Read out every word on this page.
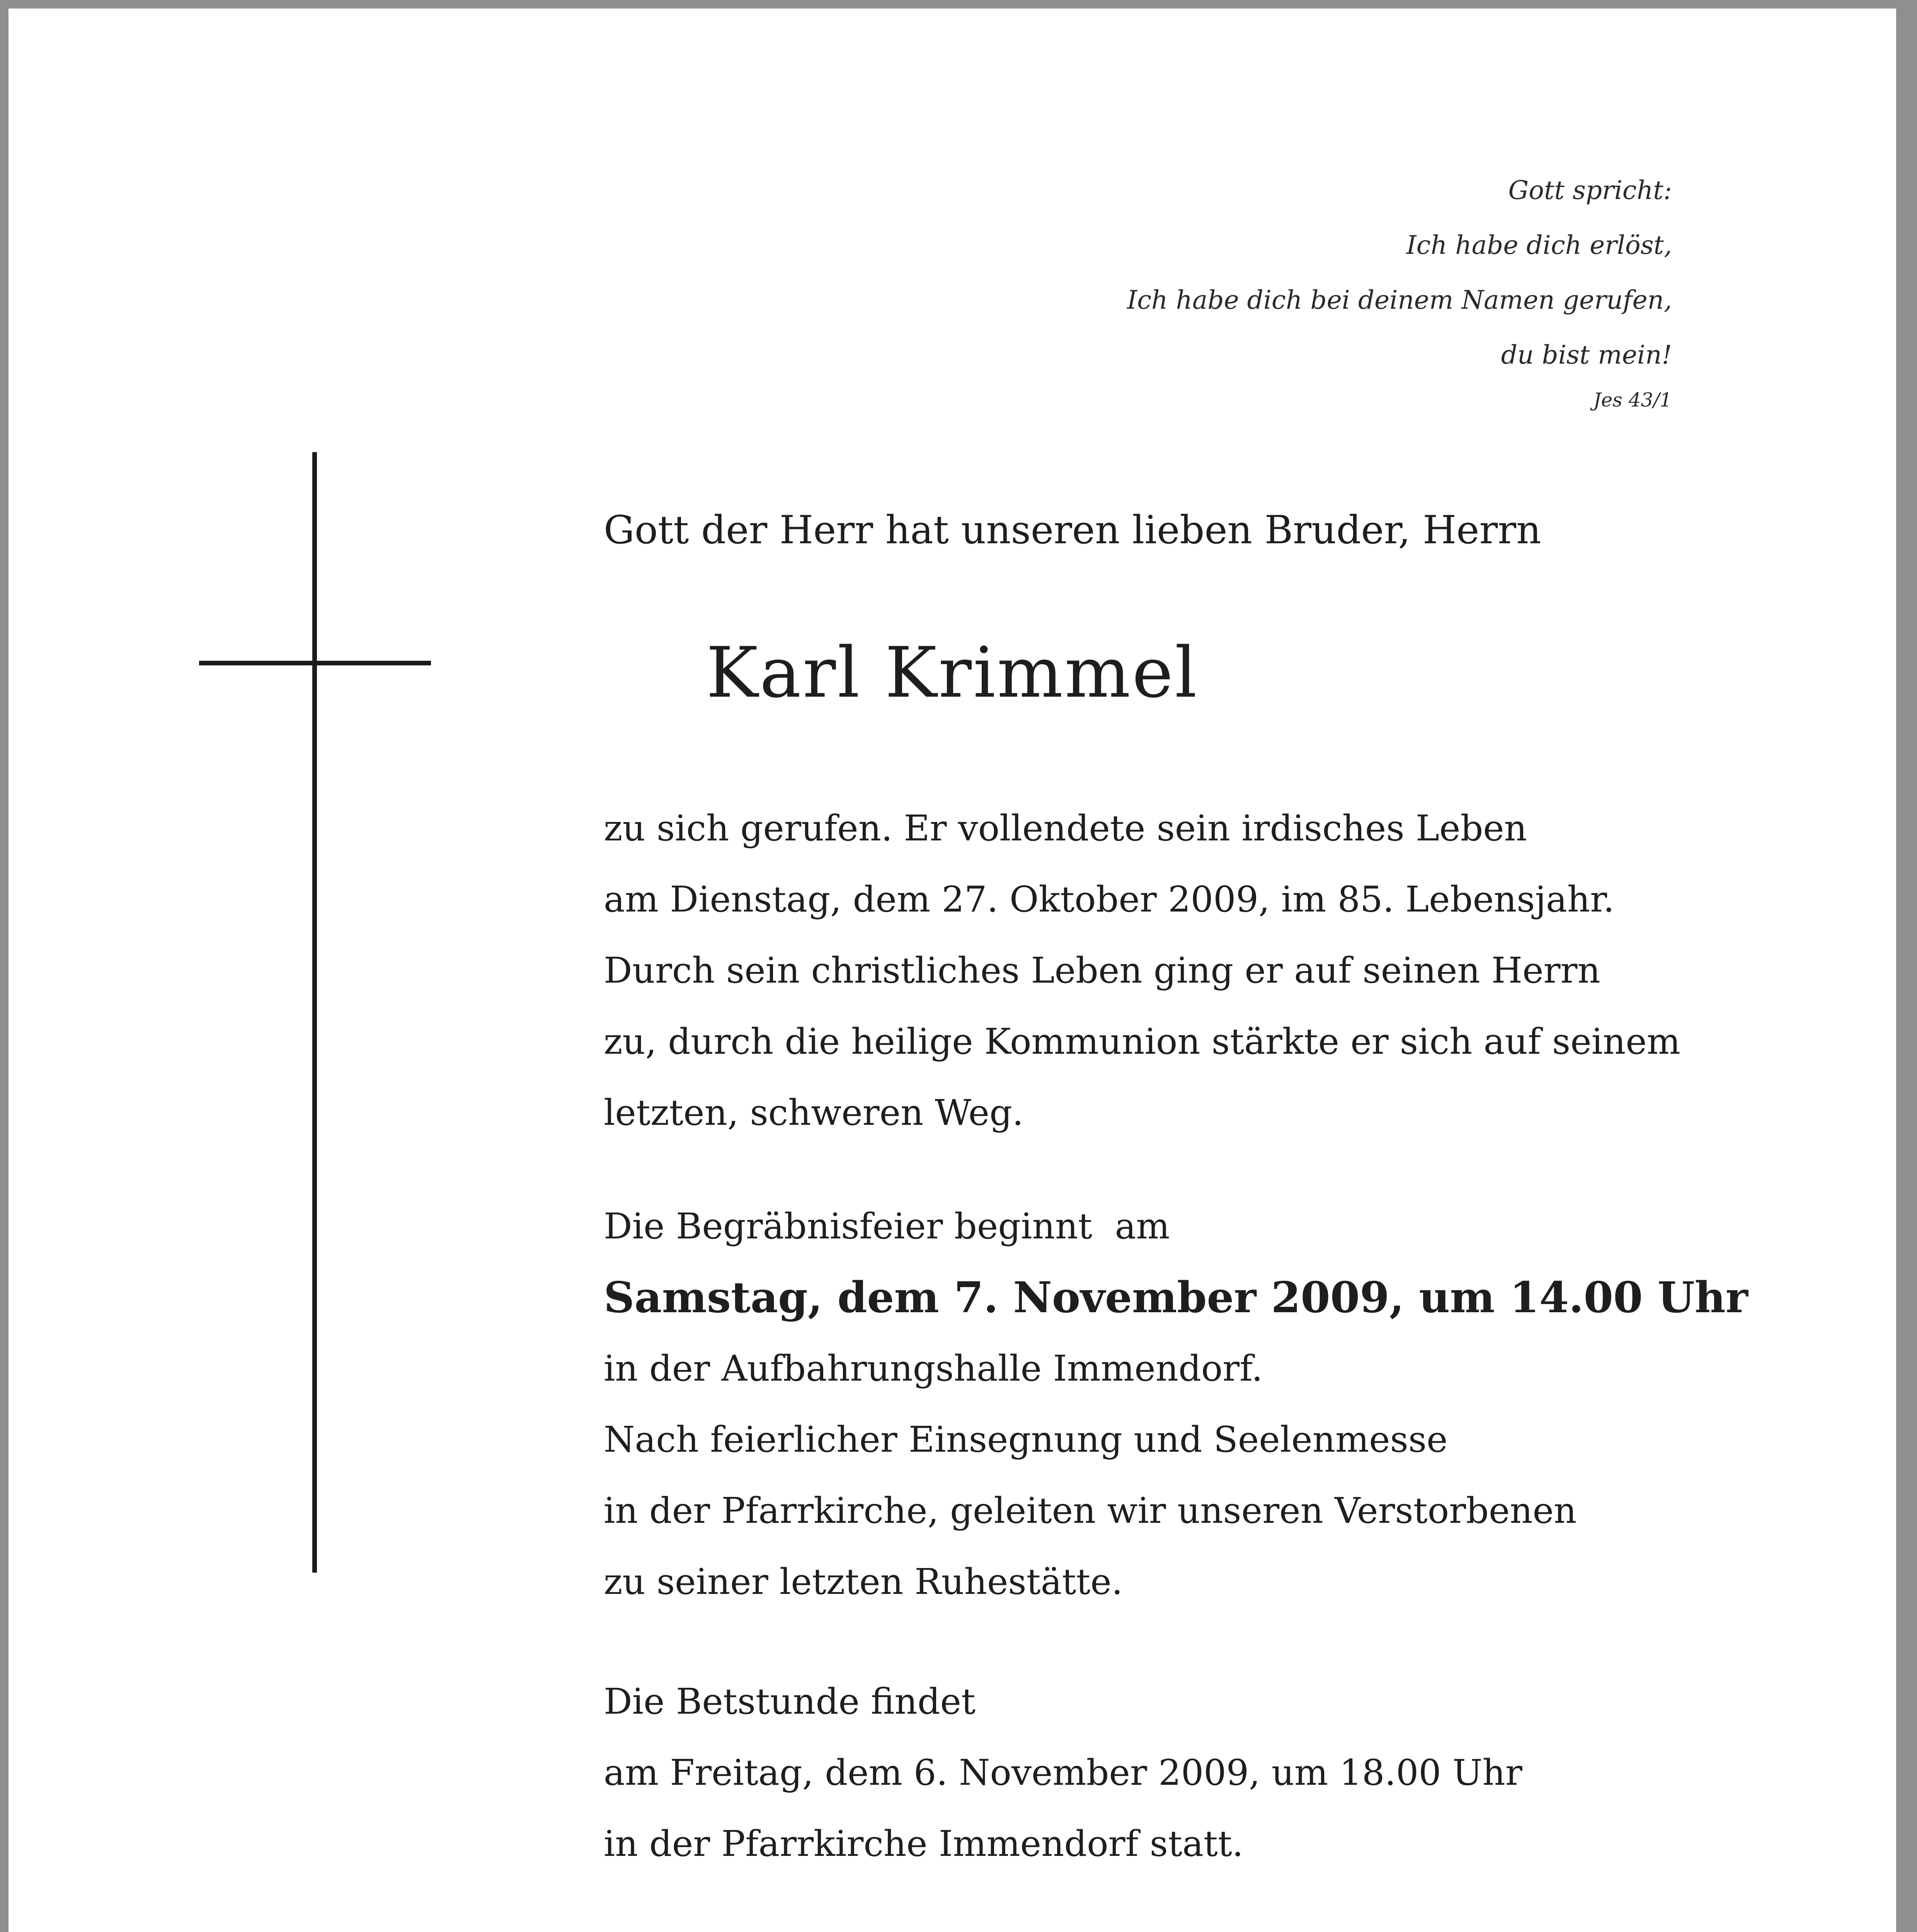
Gott spricht:
Ich habe dich erlöst,
Ich habe dich bei deinem Namen gerufen,
du bist mein!
Jes 43/1
Gott der Herr hat unseren lieben Bruder, Herrn
Karl Krimmel
zu sich gerufen. Er vollendete sein irdisches Leben
am Dienstag, dem 27. Oktober 2009, im 85. Lebensjahr.
Durch sein christliches Leben ging er auf seinen Herrn
zu, durch die heilige Kommunion stärkte er sich auf seinem
letzten, schweren Weg.
Die Begräbnisfeier beginnt  am
Samstag, dem 7. November 2009, um 14.00 Uhr
in der Aufbahrungshalle Immendorf.
Nach feierlicher Einsegnung und Seelenmesse
in der Pfarrkirche, geleiten wir unseren Verstorbenen
zu seiner letzten Ruhestätte.
Die Betstunde findet
am Freitag, dem 6. November 2009, um 18.00 Uhr
in der Pfarrkirche Immendorf statt.
